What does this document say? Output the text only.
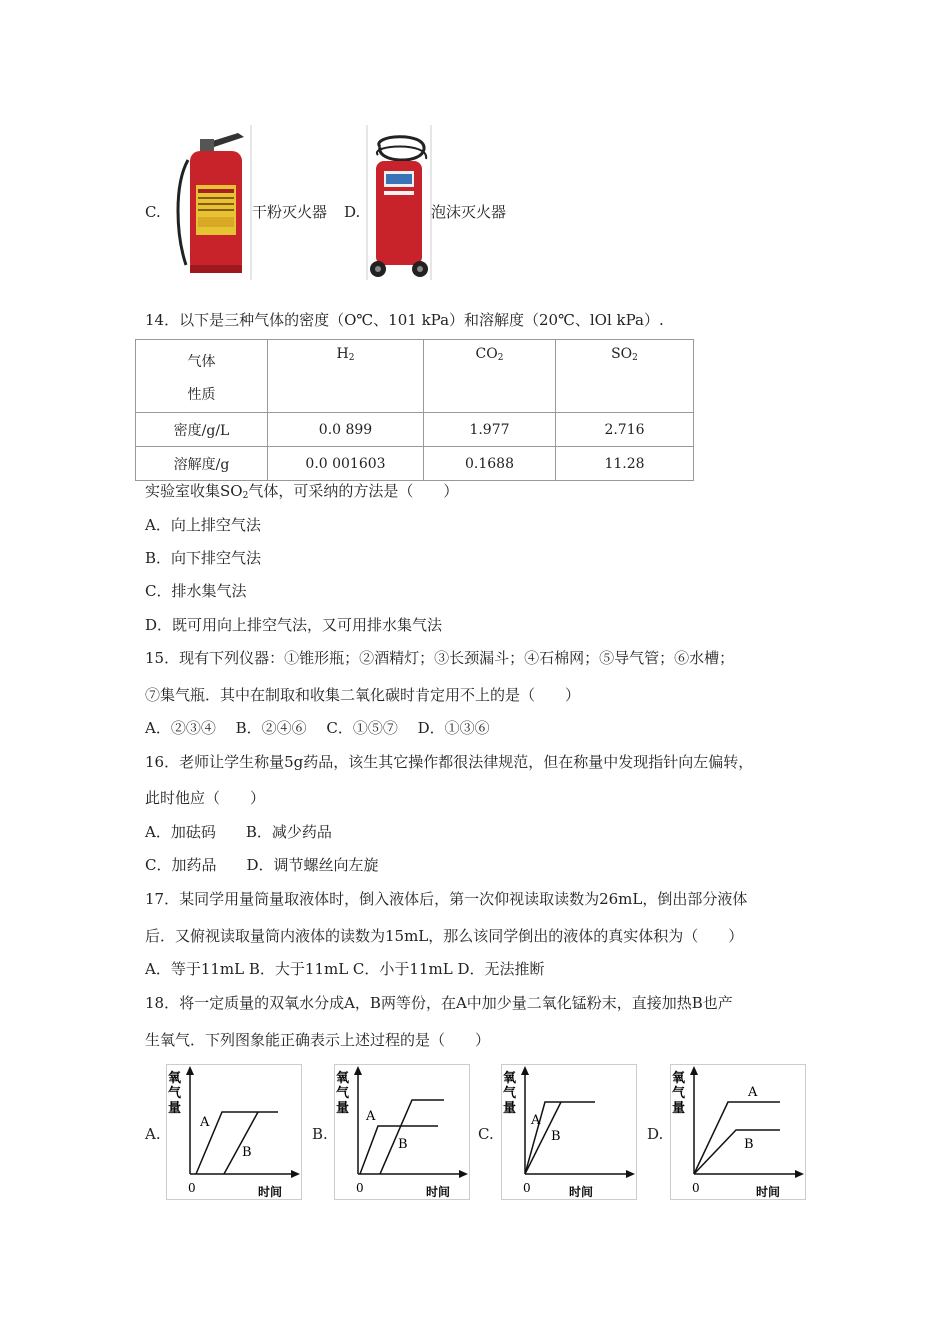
C.	干粉灭火器 D.	泡沫灭火器
14．以下是三种气体的密度（O℃、101 kPa）和溶解度（20℃、lOl kPa）.
气体
性质	$H_2$	$CO_2$	$SO_2$
密度/g/L	0.0 899	1.977	2.716
溶解度/g	0.0 001603	0.1688	11.28
实验室收集$SO_2$气体，可采纳的方法是（　　）
A．向上排空气法
B．向下排空气法
C．排水集气法
D．既可用向上排空气法，又可用排水集气法
15．现有下列仪器：①锥形瓶；②酒精灯；③长颈漏斗；④石棉网；⑤导气管；⑥水槽；
⑦集气瓶．其中在制取和收集二氧化碳时肯定用不上的是（　　）
A．②③④　 B．②④⑥　 C．①⑤⑦　 D．①③⑥
16．老师让学生称量5g药品，该生其它操作都很法律规范，但在称量中发现指针向左偏转，
此时他应（　　）
A．加砝码　　B．减少药品
C．加药品　　D．调节螺丝向左旋
17．某同学用量筒量取液体时，倒入液体后，第一次仰视读取读数为26mL，倒出部分液体
后．又俯视读取量筒内液体的读数为15mL，那么该同学倒出的液体的真实体积为（　　）
A．等于11mL B．大于11mL C．小于11mL D．无法推断
18．将一定质量的双氧水分成A，B两等份，在A中加少量二氧化锰粉末，直接加热B也产
生氧气．下列图象能正确表示上述过程的是（　　）
A.	B.	C.	D.
氧气量
0	时间
A
B
氧气量
0	时间
A
B
氧气量
0	时间
A
B
氧气量
0	时间
A
B
